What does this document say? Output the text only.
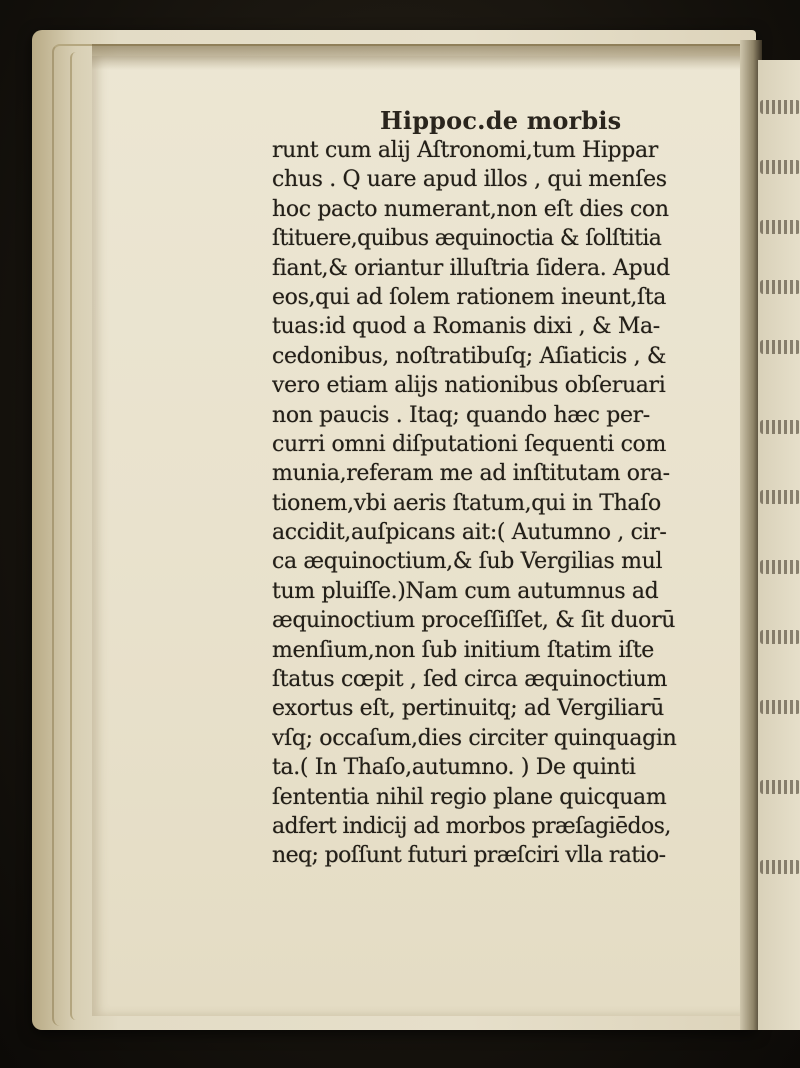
Hippoc.de morbis
runt cum alij Aſtronomi,tum Hippar
chus . Q uare apud illos , qui menſes
hoc pacto numerant,non eſt dies con
ſtituere,quibus æquinoctia & ſolſtitia
fiant,& oriantur illuſtria ſidera. Apud
eos,qui ad ſolem rationem ineunt,ſta
tuas:id quod a Romanis dixi , & Ma-
cedonibus, noſtratibuſq; Aſiaticis , &
vero etiam alijs nationibus obſeruari
non paucis . Itaq; quando hæc per-
curri omni diſputationi ſequenti com
munia,referam me ad inſtitutam ora-
tionem,vbi aeris ſtatum,qui in Thaſo
accidit,auſpicans ait:( Autumno , cir-
ca æquinoctium,& ſub Vergilias mul
tum pluiſſe.)Nam cum autumnus ad
æquinoctium proceſſiſſet, & ſit duorū
menſium,non ſub initium ſtatim iſte
ſtatus cœpit , ſed circa æquinoctium
exortus eſt, pertinuitq; ad Vergiliarū
vſq; occaſum,dies circiter quinquagin
ta.( In Thaſo,autumno. ) De quinti
ſententia nihil regio plane quicquam
adfert indicij ad morbos præſagiēdos,
neq; poſſunt futuri præſciri vlla ratio-
